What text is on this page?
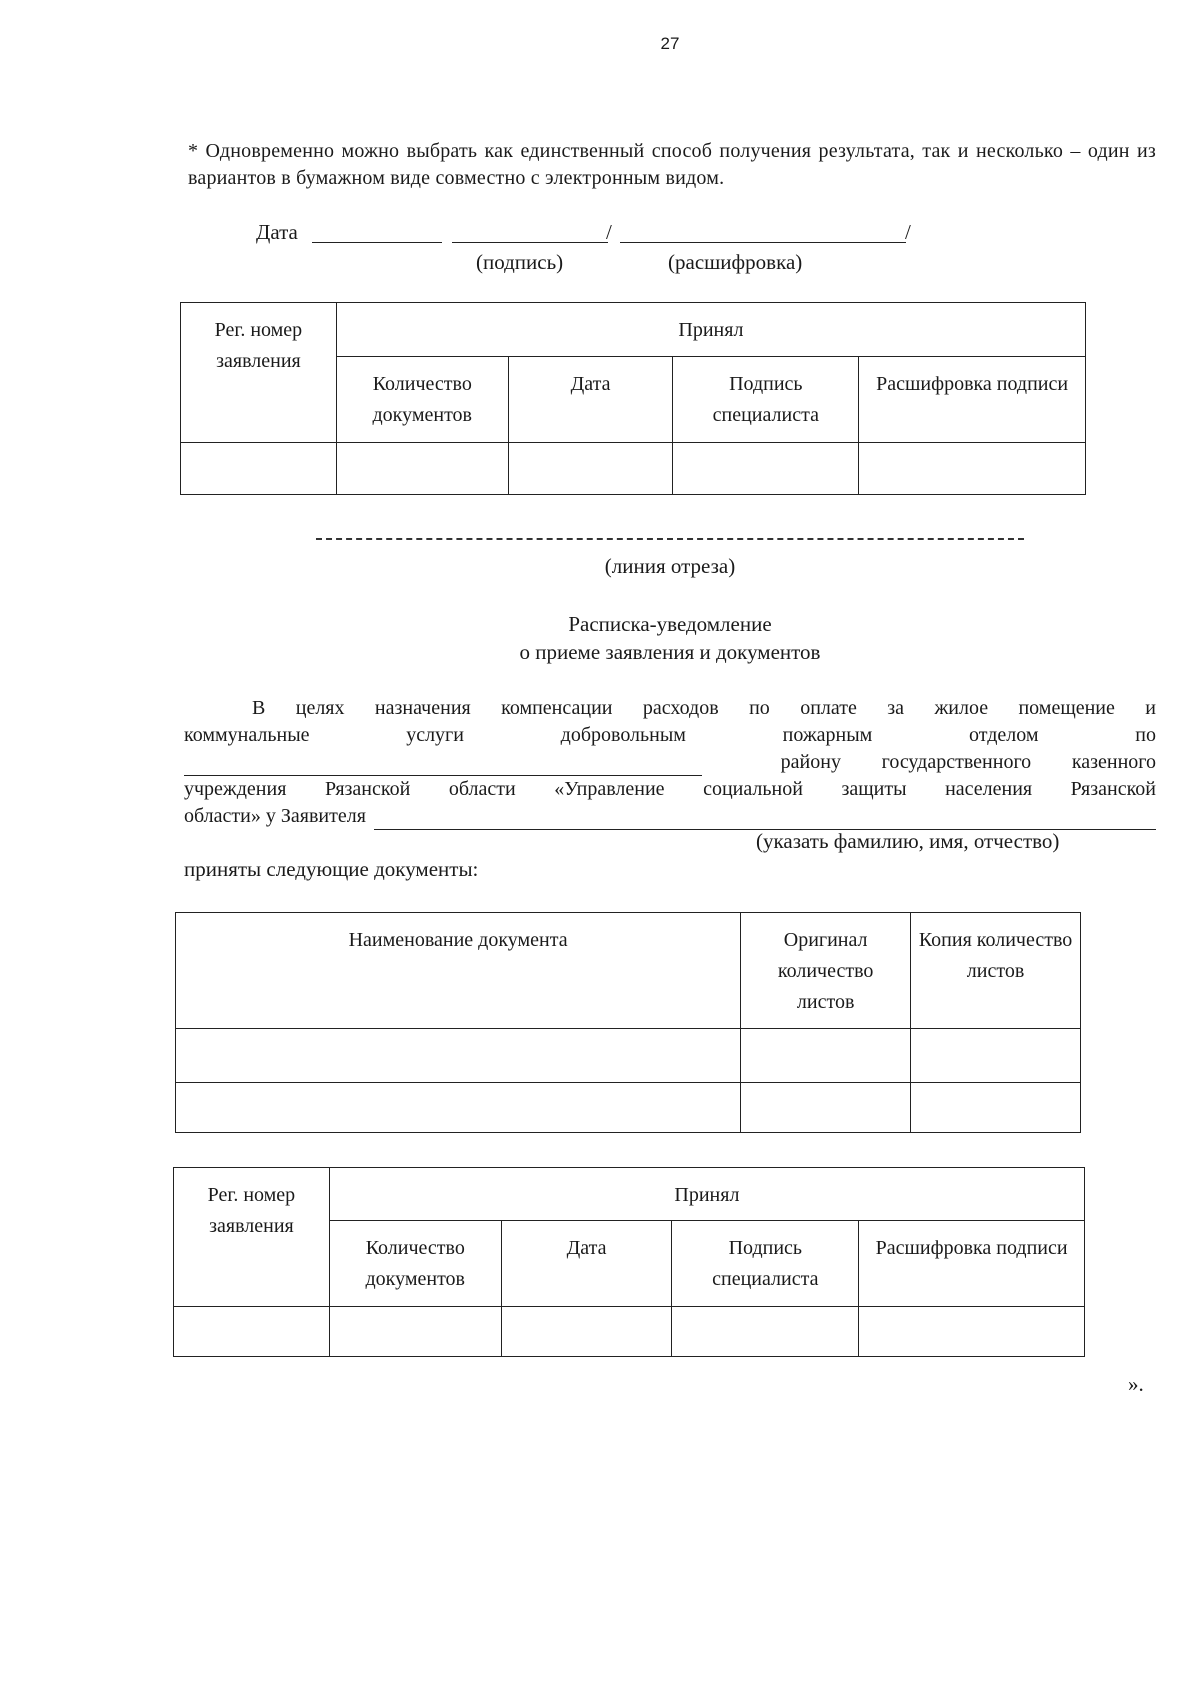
27
* Одновременно можно выбрать как единственный способ получения результата, так и несколько – один из вариантов в бумажном виде совместно с электронным видом.
Дата	/	/
(подпись)	(расшифровка)
Рег. номер заявления	Принял			
	Количество документов	Дата	Подпись специалиста	Расшифровка подписи

(линия отреза)
Расписка-уведомление
о приеме заявления и документов
В целях назначения компенсации расходов по оплате за жилое помещение и
коммунальные	услуги	добровольным	пожарным	отделом	по
району государственного казенного
учреждения Рязанской области «Управление социальной защиты населения Рязанской
области» у Заявителя
(указать фамилию, имя, отчество)
приняты следующие документы:
Наименование документа	Оригинал количество листов	Копия количество листов

Рег. номер заявления	Принял			
	Количество документов	Дата	Подпись специалиста	Расшифровка подписи

».
